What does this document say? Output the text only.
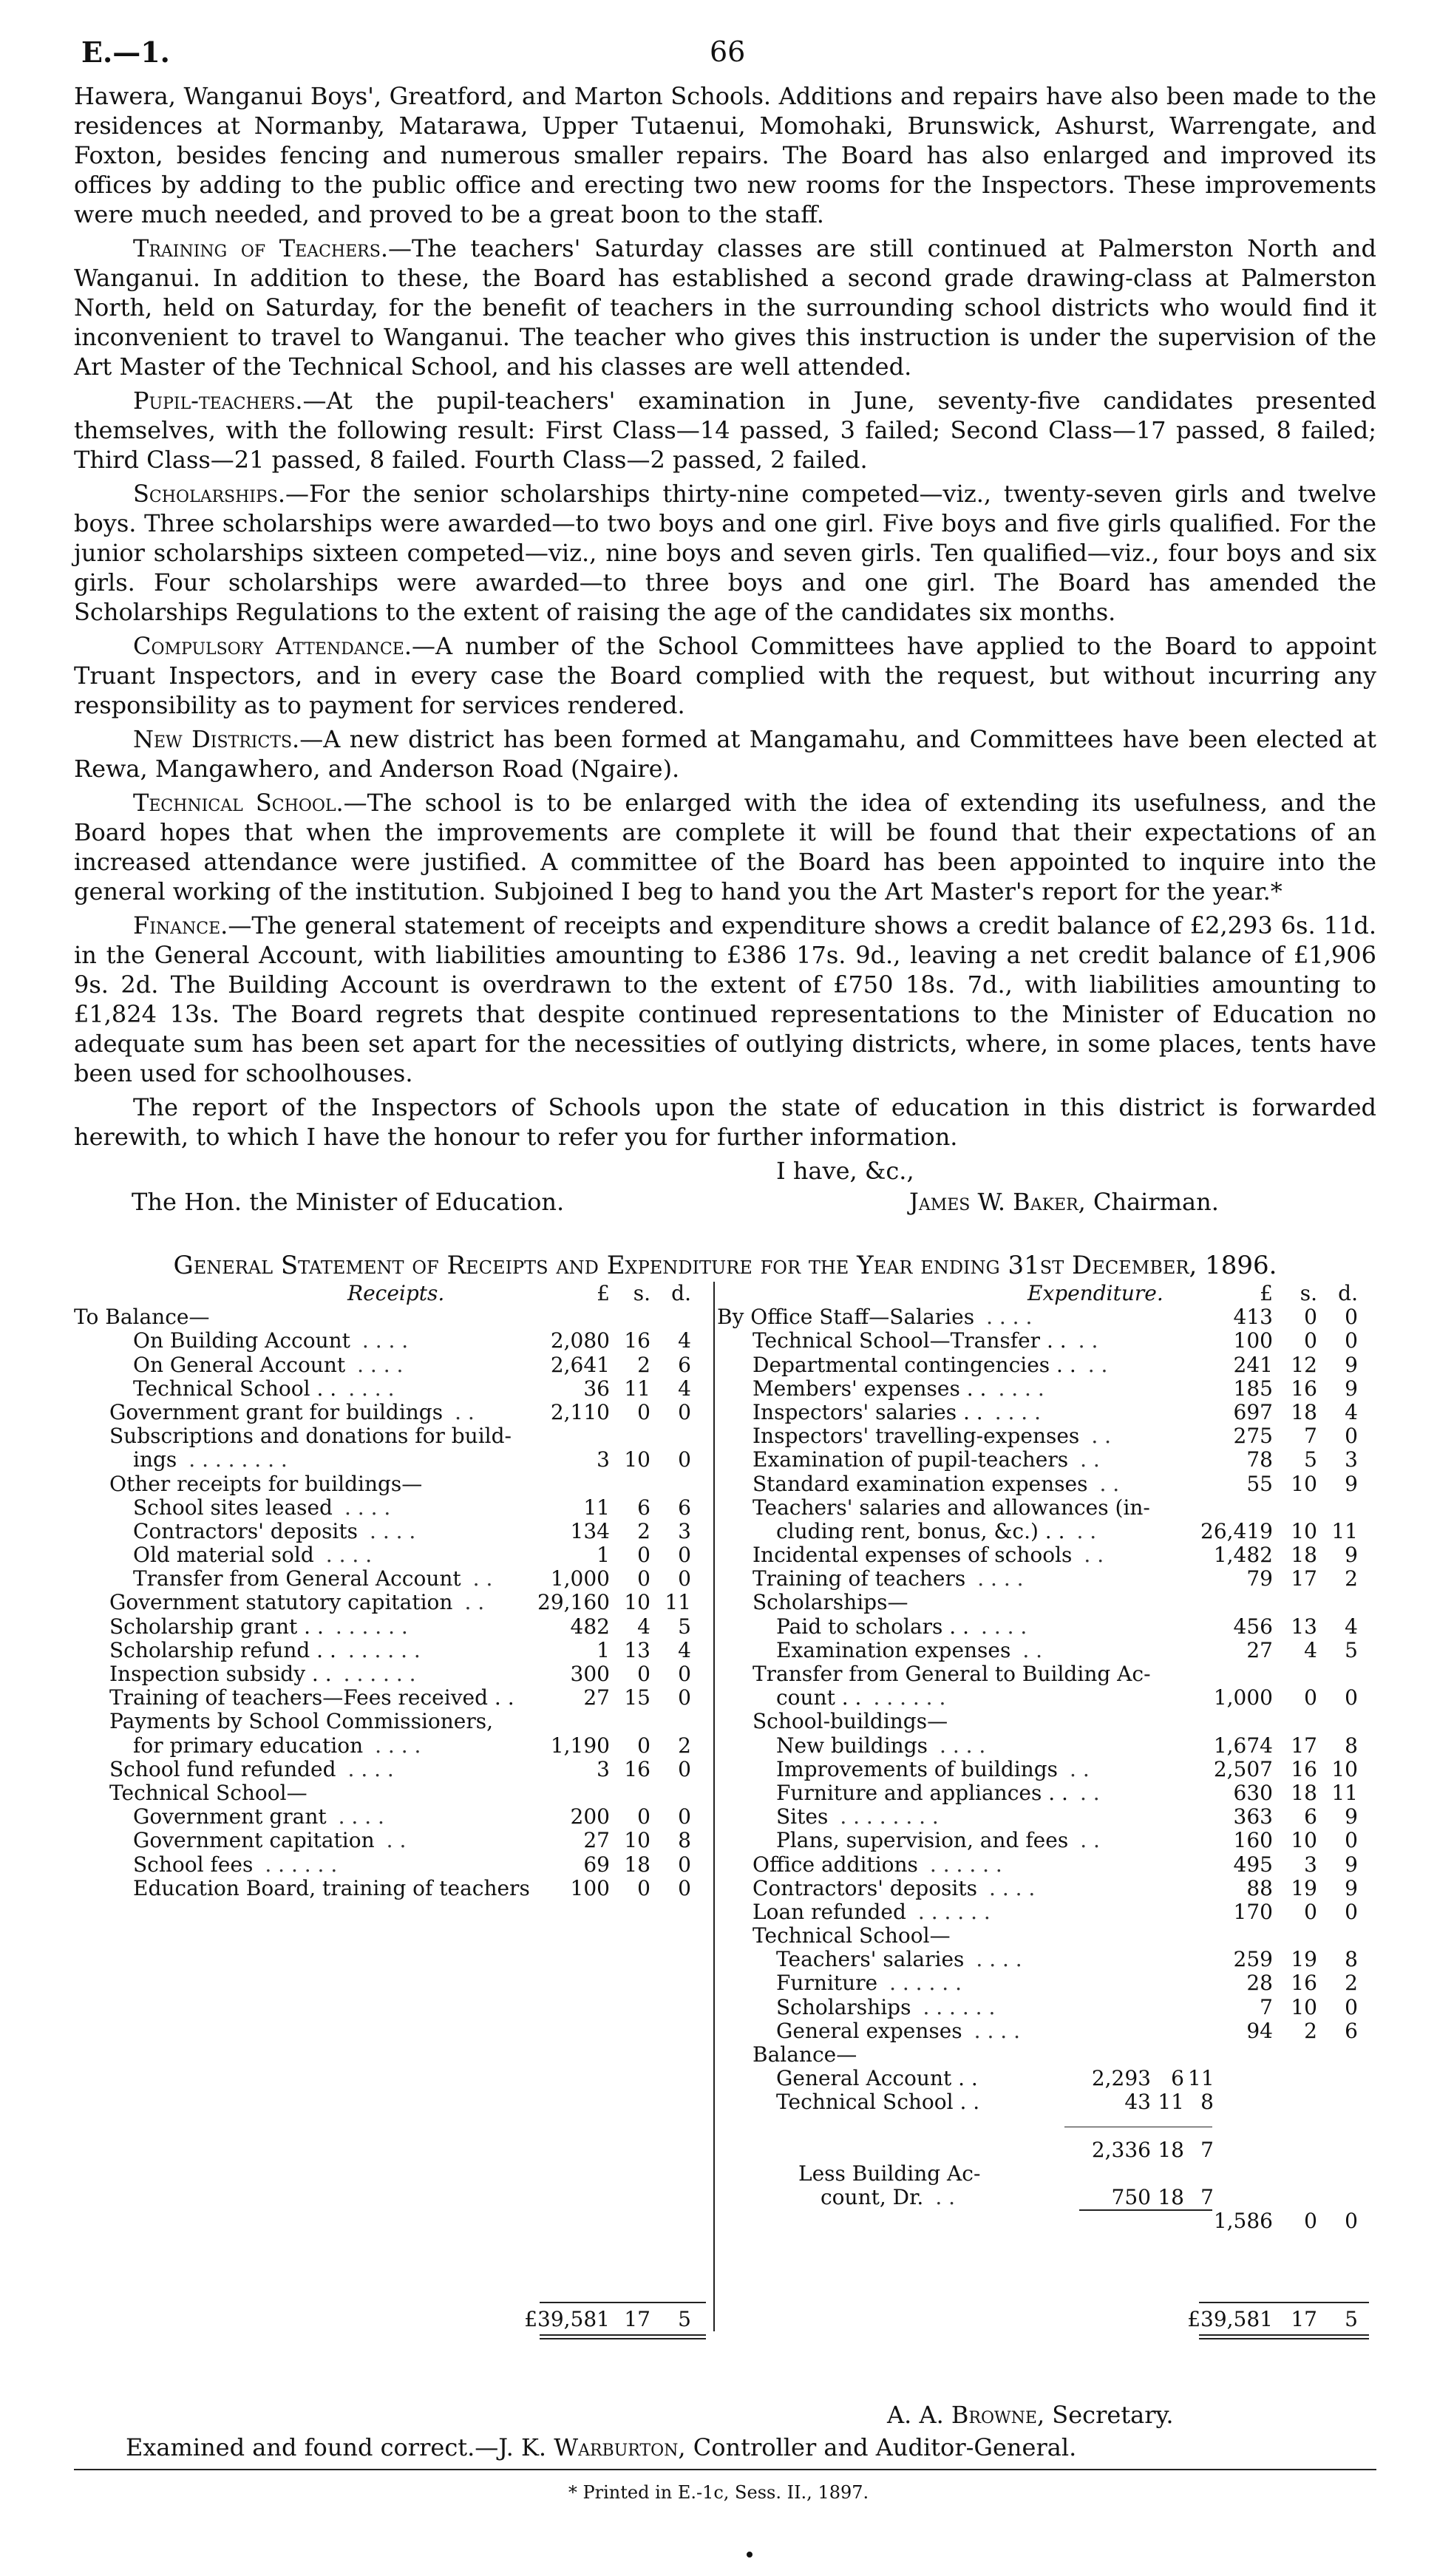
E.—1.	66

Hawera, Wanganui Boys', Greatford, and Marton Schools. Additions and repairs have also been made to the residences at Normanby, Matarawa, Upper Tutaenui, Momohaki, Brunswick, Ashurst, Warrengate, and Foxton, besides fencing and numerous smaller repairs. The Board has also enlarged and improved its offices by adding to the public office and erecting two new rooms for the Inspectors. These improvements were much needed, and proved to be a great boon to the staff.

Training of Teachers.—The teachers' Saturday classes are still continued at Palmerston North and Wanganui. In addition to these, the Board has established a second grade drawing-class at Palmerston North, held on Saturday, for the benefit of teachers in the surrounding school districts who would find it inconvenient to travel to Wanganui. The teacher who gives this instruction is under the supervision of the Art Master of the Technical School, and his classes are well attended.

Pupil-teachers.—At the pupil-teachers' examination in June, seventy-five candidates presented themselves, with the following result: First Class—14 passed, 3 failed; Second Class—17 passed, 8 failed; Third Class—21 passed, 8 failed. Fourth Class—2 passed, 2 failed.

Scholarships.—For the senior scholarships thirty-nine competed—viz., twenty-seven girls and twelve boys. Three scholarships were awarded—to two boys and one girl. Five boys and five girls qualified. For the junior scholarships sixteen competed—viz., nine boys and seven girls. Ten qualified—viz., four boys and six girls. Four scholarships were awarded—to three boys and one girl. The Board has amended the Scholarships Regulations to the extent of raising the age of the candidates six months.

Compulsory Attendance.—A number of the School Committees have applied to the Board to appoint Truant Inspectors, and in every case the Board complied with the request, but without incurring any responsibility as to payment for services rendered.

New Districts.—A new district has been formed at Mangamahu, and Committees have been elected at Rewa, Mangawhero, and Anderson Road (Ngaire).

Technical School.—The school is to be enlarged with the idea of extending its usefulness, and the Board hopes that when the improvements are complete it will be found that their expectations of an increased attendance were justified. A committee of the Board has been appointed to inquire into the general working of the institution. Subjoined I beg to hand you the Art Master's report for the year.*

Finance.—The general statement of receipts and expenditure shows a credit balance of £2,293 6s. 11d. in the General Account, with liabilities amounting to £386 17s. 9d., leaving a net credit balance of £1,906 9s. 2d. The Building Account is overdrawn to the extent of £750 18s. 7d., with liabilities amounting to £1,824 13s. The Board regrets that despite continued representations to the Minister of Education no adequate sum has been set apart for the necessities of outlying districts, where, in some places, tents have been used for schoolhouses.

The report of the Inspectors of Schools upon the state of education in this district is forwarded herewith, to which I have the honour to refer you for further information.

I have, &c.,
The Hon. the Minister of Education.	James W. Baker, Chairman.
General Statement of Receipts and Expenditure for the Year ending 31st December, 1896.
Receipts.	£	s.	d.
To Balance—
On Building Account . . . .	2,080 16	4
On General Account . . . .	2,641	2	6
Technical School . . . . . .	36 11	4
Government grant for buildings . .	2,110	0	0
Subscriptions and donations for build-
ings . . . . . . . .	3 10	0
Other receipts for buildings—
School sites leased . . . .	11	6	6
Contractors' deposits . . . .	134	2	3
Old material sold . . . .	1	0	0
Transfer from General Account . .	1,000	0	0
Government statutory capitation . .	29,160 10 11
Scholarship grant . . . . . . . .	482	4	5
Scholarship refund . . . . . . . .	1 13	4
Inspection subsidy . . . . . . . .	300	0	0
Training of teachers—Fees received . .	27 15	0
Payments by School Commissioners,
for primary education . . . .	1,190	0	2
School fund refunded . . . .	3 16	0
Technical School—
Government grant . . . .	200	0	0
Government capitation . .	27 10	8
School fees . . . . . .	69 18	0
Education Board, training of teachers	100	0	0
Expenditure.	£	s.	d.
By Office Staff—Salaries . . . .	413	0	0
Technical School—Transfer . . . .	100	0	0
Departmental contingencies . . . .	241 12	9
Members' expenses . . . . . .	185 16	9
Inspectors' salaries . . . . . .	697 18	4
Inspectors' travelling-expenses . .	275	7	0
Examination of pupil-teachers . .	78	5	3
Standard examination expenses . .	55 10	9
Teachers' salaries and allowances (in-
cluding rent, bonus, &c.) . . . .	26,419 10 11
Incidental expenses of schools . .	1,482 18	9
Training of teachers . . . .	79 17	2
Scholarships—
Paid to scholars . . . . . .	456 13	4
Examination expenses . .	27	4	5
Transfer from General to Building Ac-
count . . . . . . . .	1,000	0	0
School-buildings—
New buildings . . . .	1,674 17	8
Improvements of buildings . .	2,507 16 10
Furniture and appliances . . . .	630 18 11
Sites . . . . . . . .	363	6	9
Plans, supervision, and fees . .	160 10	0
Office additions . . . . . .	495	3	9
Contractors' deposits . . . .	88 19	9
Loan refunded . . . . . .	170	0	0
Technical School—
Teachers' salaries . . . .	259 19	8
Furniture . . . . . .	28 16	2
Scholarships . . . . . .	7 10	0
General expenses . . . .	94	2	6
Balance—
General Account . .	2,293 6 11
Technical School . .	43 11 8
2,336 18 7
Less Building Ac-
count, Dr. . .	750 18 7
1,586	0	0
£39,581 17	5	£39,581 17	5
A. A. Browne, Secretary.
Examined and found correct.—J. K. Warburton, Controller and Auditor-General.
* Printed in E.-1c, Sess. II., 1897.
